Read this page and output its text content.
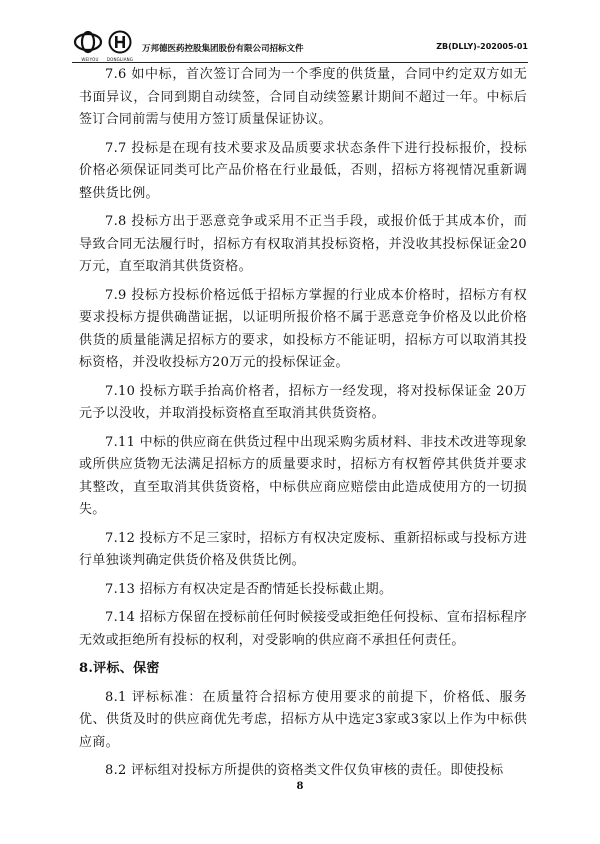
WEIYOU	DONGLIANG
万邦德医药控股集团股份有限公司招标文件	ZB(DLLY)-202005-01

7.6 如中标，首次签订合同为一个季度的供货量，合同中约定双方如无书面异议，合同到期自动续签，合同自动续签累计期间不超过一年。中标后签订合同前需与使用方签订质量保证协议。

7.7 投标是在现有技术要求及品质要求状态条件下进行投标报价，投标价格必须保证同类可比产品价格在行业最低，否则，招标方将视情况重新调整供货比例。

7.8 投标方出于恶意竞争或采用不正当手段，或报价低于其成本价，而导致合同无法履行时，招标方有权取消其投标资格，并没收其投标保证金20万元，直至取消其供货资格。

7.9 投标方投标价格远低于招标方掌握的行业成本价格时，招标方有权要求投标方提供确凿证据，以证明所报价格不属于恶意竞争价格及以此价格供货的质量能满足招标方的要求，如投标方不能证明，招标方可以取消其投标资格，并没收投标方20万元的投标保证金。

7.10 投标方联手抬高价格者，招标方一经发现，将对投标保证金 20万元予以没收，并取消投标资格直至取消其供货资格。

7.11 中标的供应商在供货过程中出现采购劣质材料、非技术改进等现象或所供应货物无法满足招标方的质量要求时，招标方有权暂停其供货并要求其整改，直至取消其供货资格，中标供应商应赔偿由此造成使用方的一切损失。

7.12 投标方不足三家时，招标方有权决定废标、重新招标或与投标方进行单独谈判确定供货价格及供货比例。

7.13 招标方有权决定是否酌情延长投标截止期。

7.14 招标方保留在授标前任何时候接受或拒绝任何投标、宣布招标程序无效或拒绝所有投标的权利，对受影响的供应商不承担任何责任。

8.评标、保密

8.1 评标标准：在质量符合招标方使用要求的前提下，价格低、服务优、供货及时的供应商优先考虑，招标方从中选定3家或3家以上作为中标供应商。

8.2 评标组对投标方所提供的资格类文件仅负审核的责任。即使投标

8
